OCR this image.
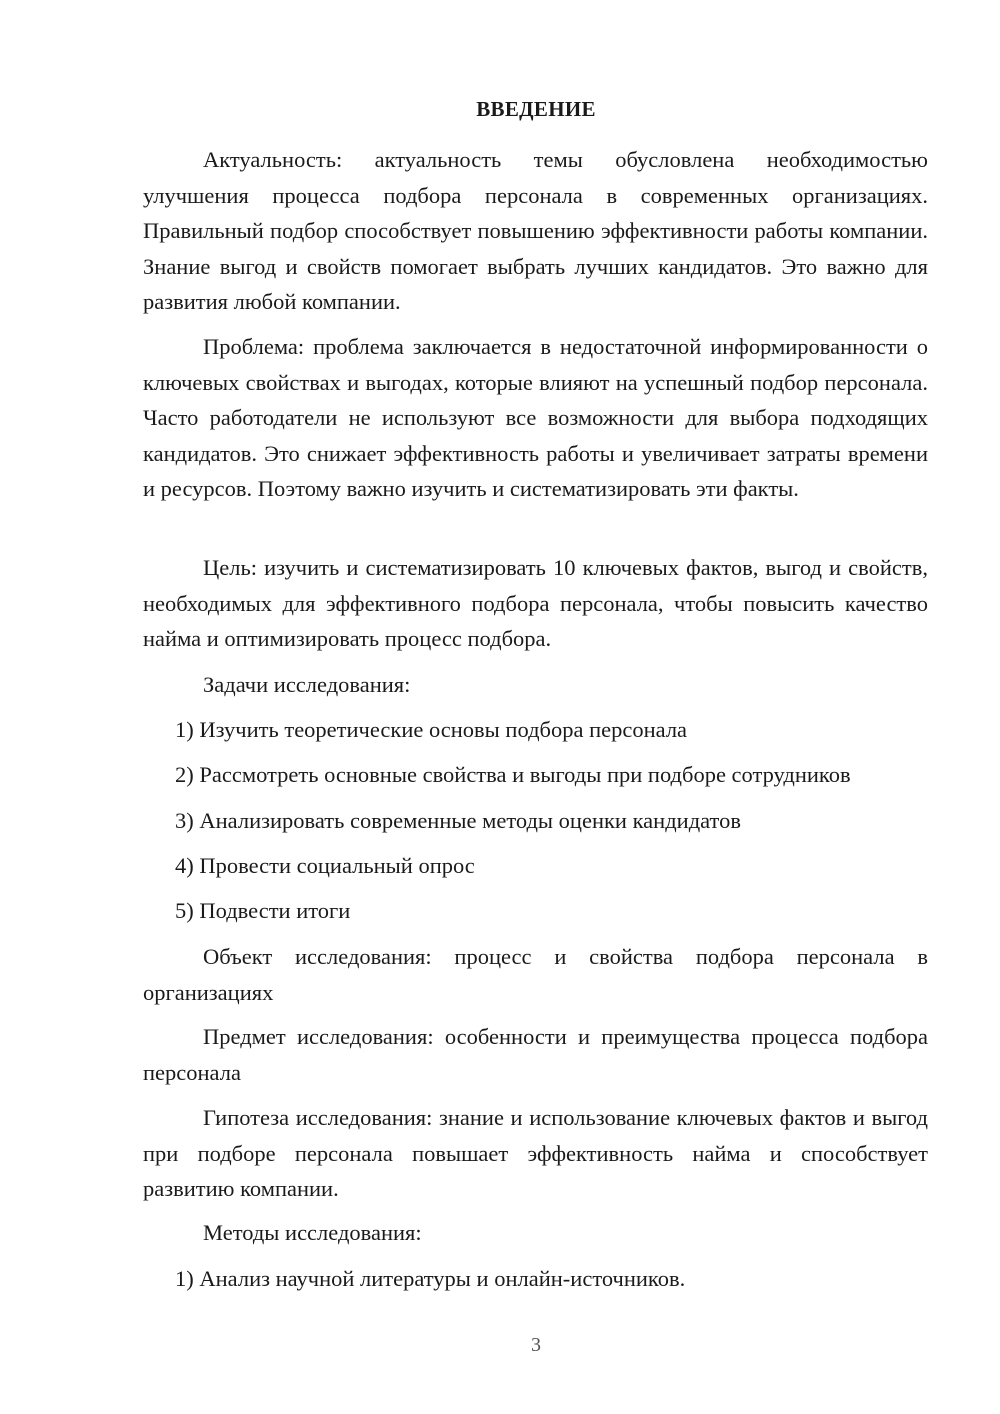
ВВЕДЕНИЕ

Актуальность: актуальность темы обусловлена необходимостью улучшения процесса подбора персонала в современных организациях. Правильный подбор способствует повышению эффективности работы компании. Знание выгод и свойств помогает выбрать лучших кандидатов. Это важно для развития любой компании.

Проблема: проблема заключается в недостаточной информированности о ключевых свойствах и выгодах, которые влияют на успешный подбор персонала. Часто работодатели не используют все возможности для выбора подходящих кандидатов. Это снижает эффективность работы и увеличивает затраты времени и ресурсов. Поэтому важно изучить и систематизировать эти факты.

Цель: изучить и систематизировать 10 ключевых фактов, выгод и свойств, необходимых для эффективного подбора персонала, чтобы повысить качество найма и оптимизировать процесс подбора.

Задачи исследования:

1) Изучить теоретические основы подбора персонала
2) Рассмотреть основные свойства и выгоды при подборе сотрудников
3) Анализировать современные методы оценки кандидатов
4) Провести социальный опрос
5) Подвести итоги

Объект исследования: процесс и свойства подбора персонала в организациях

Предмет исследования: особенности и преимущества процесса подбора персонала

Гипотеза исследования: знание и использование ключевых фактов и выгод при подборе персонала повышает эффективность найма и способствует развитию компании.

Методы исследования:

1) Анализ научной литературы и онлайн-источников.
3
